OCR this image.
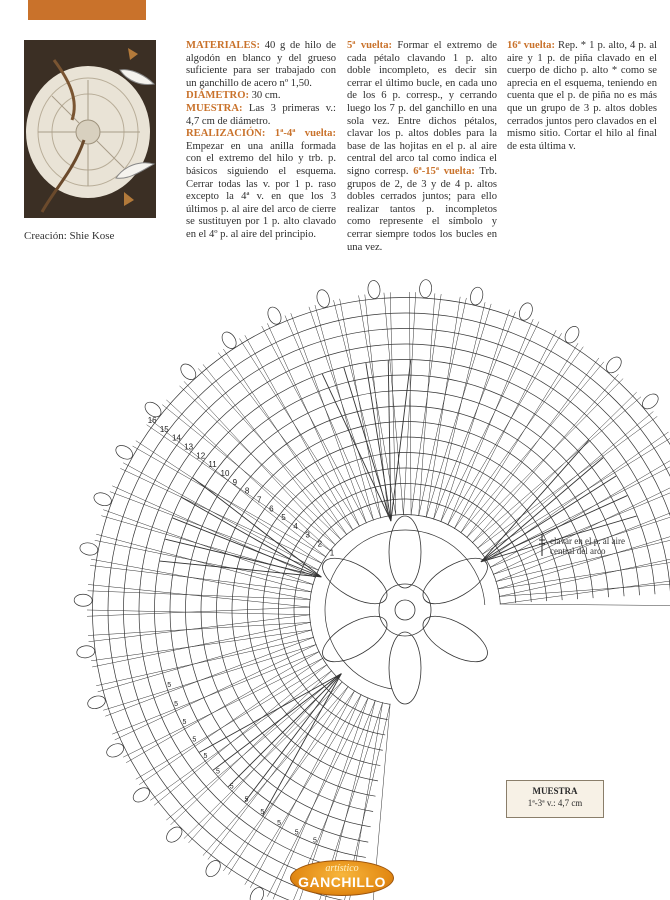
Creación: Shie Kose
MATERIALES: 40 g de hilo de algodón en blanco y del grueso suficiente para ser trabajado con un ganchillo de acero nº 1,50.
DIÁMETRO: 30 cm.
MUESTRA: Las 3 primeras v.: 4,7 cm de diámetro.
REALIZACIÓN: 1ª-4ª vuelta: Empezar en una anilla formada con el extremo del hilo y trb. p. básicos siguiendo el esquema. Cerrar todas las v. por 1 p. raso excepto la 4ª v. en que los 3 últimos p. al aire del arco de cierre se sustituyen por 1 p. alto clavado en el 4º p. al aire del principio.
5ª vuelta: Formar el extremo de cada pétalo clavando 1 p. alto doble incompleto, es decir sin cerrar el último bucle, en cada uno de los 6 p. corresp., y cerrando luego los 7 p. del ganchillo en una sola vez. Entre dichos pétalos, clavar los p. altos dobles para la base de las hojitas en el p. al aire central del arco tal como indica el signo corresp. 6ª-15ª vuelta: Trb. grupos de 2, de 3 y de 4 p. altos dobles cerrados juntos; para ello realizar tantos p. incompletos como represente el símbolo y cerrar siempre todos los bucles en una vez.
16ª vuelta: Rep. * 1 p. alto, 4 p. al aire y 1 p. de piña clavado en el cuerpo de dicho p. alto * como se aprecia en el esquema, teniendo en cuenta que el p. de piña no es más que un grupo de 3 p. altos dobles cerrados juntos pero clavados en el mismo sitio. Cortar el hilo al final de esta última v.
16
15
14
13
12
11
10
9
8
7
6
5
4
3
2
1
5
5
5
5
5
5
5
5
5
5
5
5
clavar en el p. al aire
central del arco
MUESTRA
1ª-3ª v.: 4,7 cm
artístico
GANCHILLO
